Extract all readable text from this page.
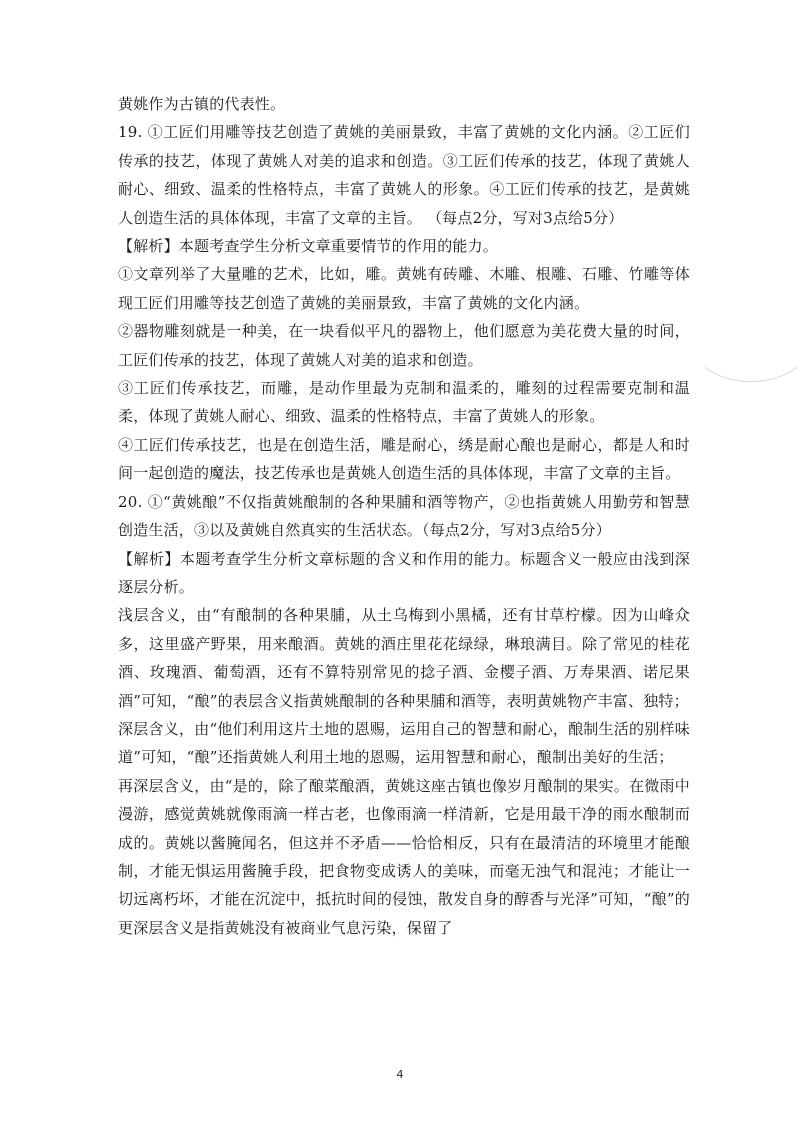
黄姚作为古镇的代表性。

19. ①工匠们用雕等技艺创造了黄姚的美丽景致，丰富了黄姚的文化内涵。②工匠们传承的技艺，体现了黄姚人对美的追求和创造。③工匠们传承的技艺，体现了黄姚人耐心、细致、温柔的性格特点，丰富了黄姚人的形象。④工匠们传承的技艺，是黄姚人创造生活的具体体现，丰富了文章的主旨。 （每点2分，写对3点给5分）

【解析】本题考查学生分析文章重要情节的作用的能力。

①文章列举了大量雕的艺术，比如，雕。黄姚有砖雕、木雕、根雕、石雕、竹雕等体现工匠们用雕等技艺创造了黄姚的美丽景致，丰富了黄姚的文化内涵。

②器物雕刻就是一种美，在一块看似平凡的器物上，他们愿意为美花费大量的时间，工匠们传承的技艺，体现了黄姚人对美的追求和创造。

③工匠们传承技艺，而雕，是动作里最为克制和温柔的，雕刻的过程需要克制和温柔，体现了黄姚人耐心、细致、温柔的性格特点，丰富了黄姚人的形象。

④工匠们传承技艺，也是在创造生活，雕是耐心，绣是耐心酿也是耐心，都是人和时间一起创造的魔法，技艺传承也是黄姚人创造生活的具体体现，丰富了文章的主旨。

20. ①“黄姚酿”不仅指黄姚酿制的各种果脯和酒等物产，②也指黄姚人用勤劳和智慧创造生活，③以及黄姚自然真实的生活状态。（每点2分，写对3点给5分）

【解析】本题考查学生分析文章标题的含义和作用的能力。标题含义一般应由浅到深逐层分析。

浅层含义，由“有酿制的各种果脯，从土乌梅到小黑橘，还有甘草柠檬。因为山峰众多，这里盛产野果，用来酿酒。黄姚的酒庄里花花绿绿，琳琅满目。除了常见的桂花酒、玫瑰酒、葡萄酒，还有不算特别常见的捻子酒、金樱子酒、万寿果酒、诺尼果酒”可知，“酿”的表层含义指黄姚酿制的各种果脯和酒等，表明黄姚物产丰富、独特；

深层含义，由“他们利用这片土地的恩赐，运用自己的智慧和耐心，酿制生活的别样味道”可知，“酿”还指黄姚人利用土地的恩赐，运用智慧和耐心，酿制出美好的生活；

再深层含义，由“是的，除了酿菜酿酒，黄姚这座古镇也像岁月酿制的果实。在微雨中漫游，感觉黄姚就像雨滴一样古老，也像雨滴一样清新，它是用最干净的雨水酿制而成的。黄姚以酱腌闻名，但这并不矛盾——恰恰相反，只有在最清洁的环境里才能酿制，才能无惧运用酱腌手段，把食物变成诱人的美味，而毫无浊气和混沌；才能让一切远离朽坏，才能在沉淀中，抵抗时间的侵蚀，散发自身的醇香与光泽”可知，“酿”的更深层含义是指黄姚没有被商业气息污染，保留了

4
